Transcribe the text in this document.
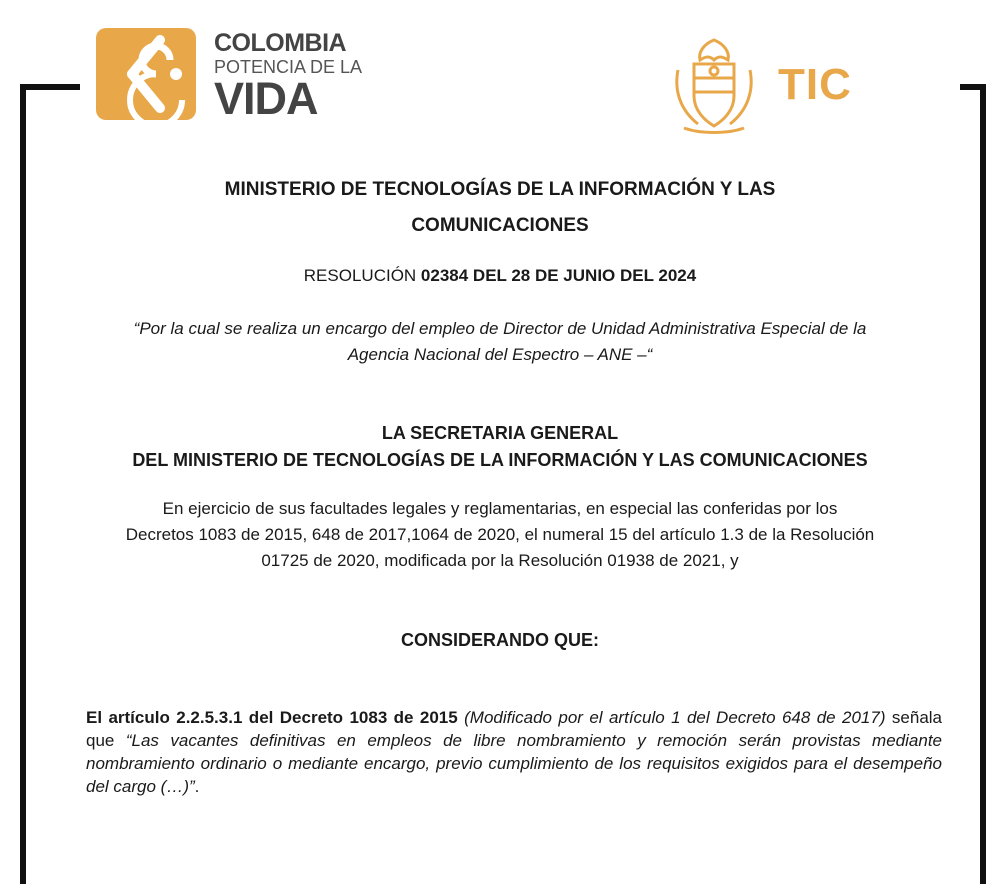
COLOMBIA
POTENCIA DE LA
VIDA	TIC
MINISTERIO DE TECNOLOGÍAS DE LA INFORMACIÓN Y LAS
COMUNICACIONES
RESOLUCIÓN 02384 DEL 28 DE JUNIO DEL 2024
“Por la cual se realiza un encargo del empleo de Director de Unidad Administrativa Especial de la
Agencia Nacional del Espectro – ANE –“
LA SECRETARIA GENERAL
DEL MINISTERIO DE TECNOLOGÍAS DE LA INFORMACIÓN Y LAS COMUNICACIONES
En ejercicio de sus facultades legales y reglamentarias, en especial las conferidas por los
Decretos 1083 de 2015, 648 de 2017,1064 de 2020, el numeral 15 del artículo 1.3 de la Resolución
01725 de 2020, modificada por la Resolución 01938 de 2021, y
CONSIDERANDO QUE:
El artículo 2.2.5.3.1 del Decreto 1083 de 2015 (Modificado por el artículo 1 del Decreto 648 de 2017) señala que “Las vacantes definitivas en empleos de libre nombramiento y remoción serán provistas mediante nombramiento ordinario o mediante encargo, previo cumplimiento de los requisitos exigidos para el desempeño del cargo (…)”.
